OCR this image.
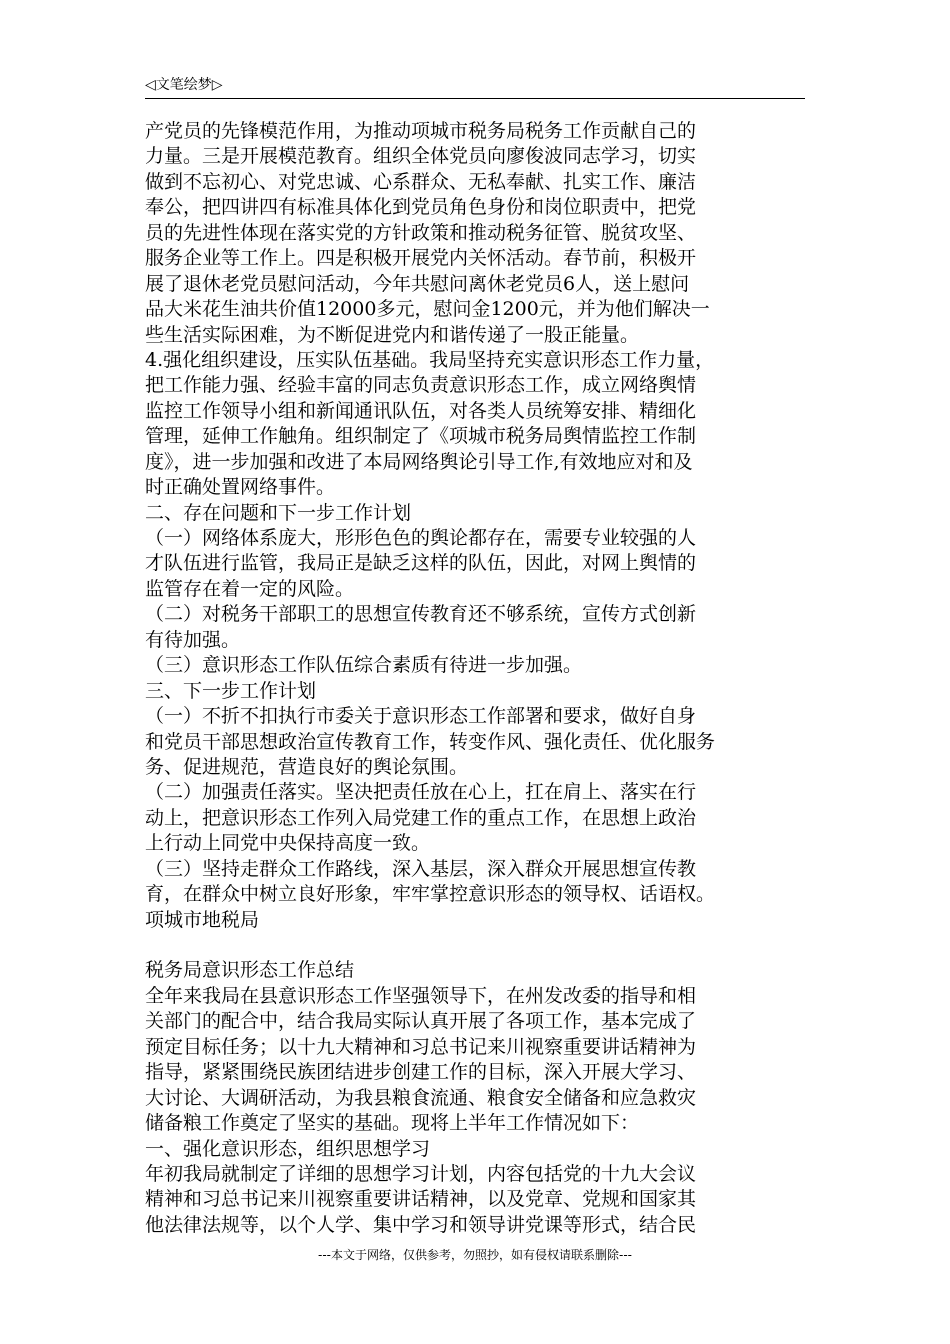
◁文笔绘梦▷
产党员的先锋模范作用，为推动项城市税务局税务工作贡献自己的
力量。三是开展模范教育。组织全体党员向廖俊波同志学习，切实
做到不忘初心、对党忠诚、心系群众、无私奉献、扎实工作、廉洁
奉公，把四讲四有标准具体化到党员角色身份和岗位职责中，把党
员的先进性体现在落实党的方针政策和推动税务征管、脱贫攻坚、
服务企业等工作上。四是积极开展党内关怀活动。春节前，积极开
展了退休老党员慰问活动，今年共慰问离休老党员6人，送上慰问
品大米花生油共价值12000多元，慰问金1200元，并为他们解决一
些生活实际困难，为不断促进党内和谐传递了一股正能量。
4.强化组织建设，压实队伍基础。我局坚持充实意识形态工作力量，
把工作能力强、经验丰富的同志负责意识形态工作，成立网络舆情
监控工作领导小组和新闻通讯队伍，对各类人员统筹安排、精细化
管理，延伸工作触角。组织制定了《项城市税务局舆情监控工作制
度》，进一步加强和改进了本局网络舆论引导工作,有效地应对和及
时正确处置网络事件。
二、存在问题和下一步工作计划
（一）网络体系庞大，形形色色的舆论都存在，需要专业较强的人
才队伍进行监管，我局正是缺乏这样的队伍，因此，对网上舆情的
监管存在着一定的风险。
（二）对税务干部职工的思想宣传教育还不够系统，宣传方式创新
有待加强。
（三）意识形态工作队伍综合素质有待进一步加强。
三、下一步工作计划
（一）不折不扣执行市委关于意识形态工作部署和要求，做好自身
和党员干部思想政治宣传教育工作，转变作风、强化责任、优化服务
务、促进规范，营造良好的舆论氛围。
（二）加强责任落实。坚决把责任放在心上，扛在肩上、落实在行
动上，把意识形态工作列入局党建工作的重点工作，在思想上政治
上行动上同党中央保持高度一致。
（三）坚持走群众工作路线，深入基层，深入群众开展思想宣传教
育，在群众中树立良好形象，牢牢掌控意识形态的领导权、话语权。
项城市地税局
税务局意识形态工作总结
全年来我局在县意识形态工作坚强领导下，在州发改委的指导和相
关部门的配合中，结合我局实际认真开展了各项工作，基本完成了
预定目标任务；以十九大精神和习总书记来川视察重要讲话精神为
指导，紧紧围绕民族团结进步创建工作的目标，深入开展大学习、
大讨论、大调研活动，为我县粮食流通、粮食安全储备和应急救灾
储备粮工作奠定了坚实的基础。现将上半年工作情况如下：
一、强化意识形态，组织思想学习
年初我局就制定了详细的思想学习计划，内容包括党的十九大会议
精神和习总书记来川视察重要讲话精神，以及党章、党规和国家其
他法律法规等，以个人学、集中学习和领导讲党课等形式，结合民
---本文于网络，仅供参考，勿照抄，如有侵权请联系删除---
